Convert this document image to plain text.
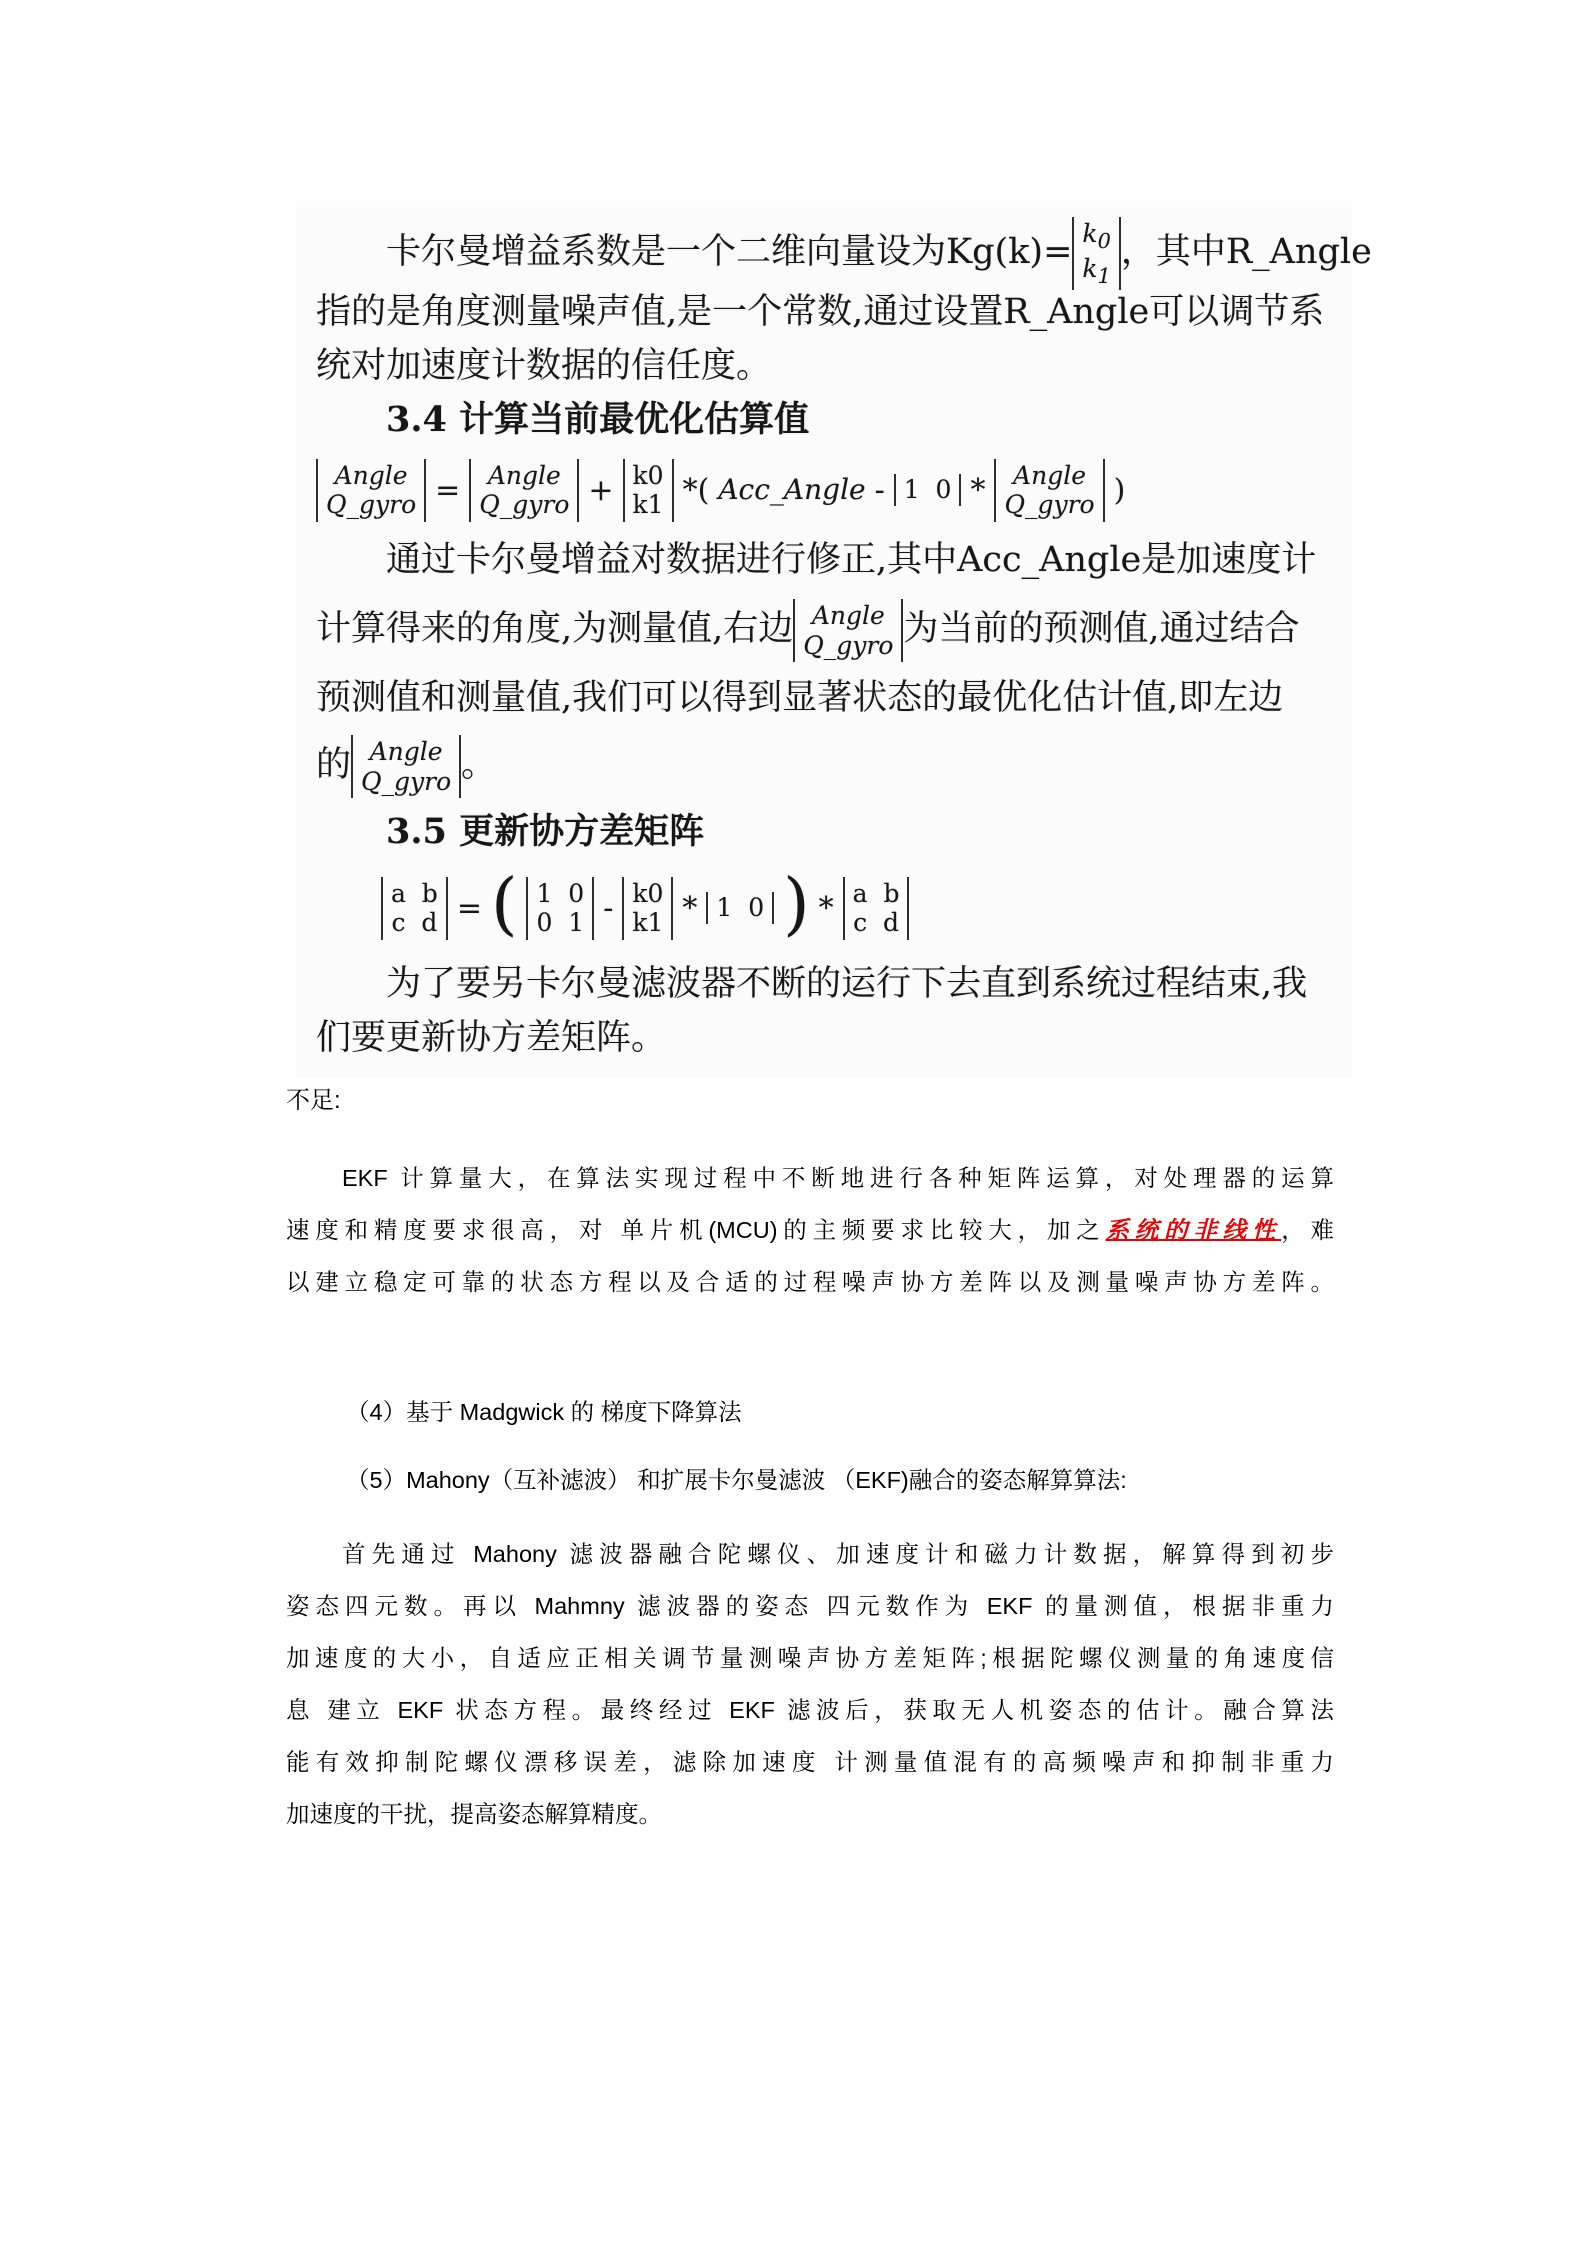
卡尔曼增益系数是一个二维向量设为$Kg(k)= k_0$
$k_1$
，其中R_Angle
指的是角度测量噪声值,是一个常数,通过设置R_Angle可以调节系
统对加速度计数据的信任度。
3.4 计算当前最优化估算值
Angle
Q_gyro = Angle
Q_gyro + k0
k1 *( Acc_Angle - 1  0 * Angle
Q_gyro )
通过卡尔曼增益对数据进行修正,其中Acc_Angle是加速度计
计算得来的角度,为测量值,右边 Angle
Q_gyro 为当前的预测值,通过结合
预测值和测量值,我们可以得到显著状态的最优化估计值,即左边
的 Angle
Q_gyro 。
3.5 更新协方差矩阵
a  b
c  d = ( 1  0
0  1 - k0
k1 * 1  0 ) * a  b
c  d
为了要另卡尔曼滤波器不断的运行下去直到系统过程结束,我
们要更新协方差矩阵。
不足:
EKF 计算量大，在算法实现过程中不断地进行各种矩阵运算，对处理器的运算
速度和精度要求很高，对 单片机(MCU)的主频要求比较大，加之系统的非线性，难
以建立稳定可靠的状态方程以及合适的过程噪声协方差阵以及测量噪声协方差阵。
（4）基于 Madgwick 的 梯度下降算法
（5）Mahony（互补滤波） 和扩展卡尔曼滤波 （EKF)融合的姿态解算算法:
首先通过 Mahony 滤波器融合陀螺仪、加速度计和磁力计数据，解算得到初步
姿态四元数。再以 Mahmny 滤波器的姿态 四元数作为 EKF 的量测值，根据非重力
加速度的大小，自适应正相关调节量测噪声协方差矩阵;根据陀螺仪测量的角速度信
息 建立 EKF 状态方程。最终经过 EKF 滤波后，获取无人机姿态的估计。融合算法
能有效抑制陀螺仪漂移误差，滤除加速度 计测量值混有的高频噪声和抑制非重力
加速度的干扰，提高姿态解算精度。
